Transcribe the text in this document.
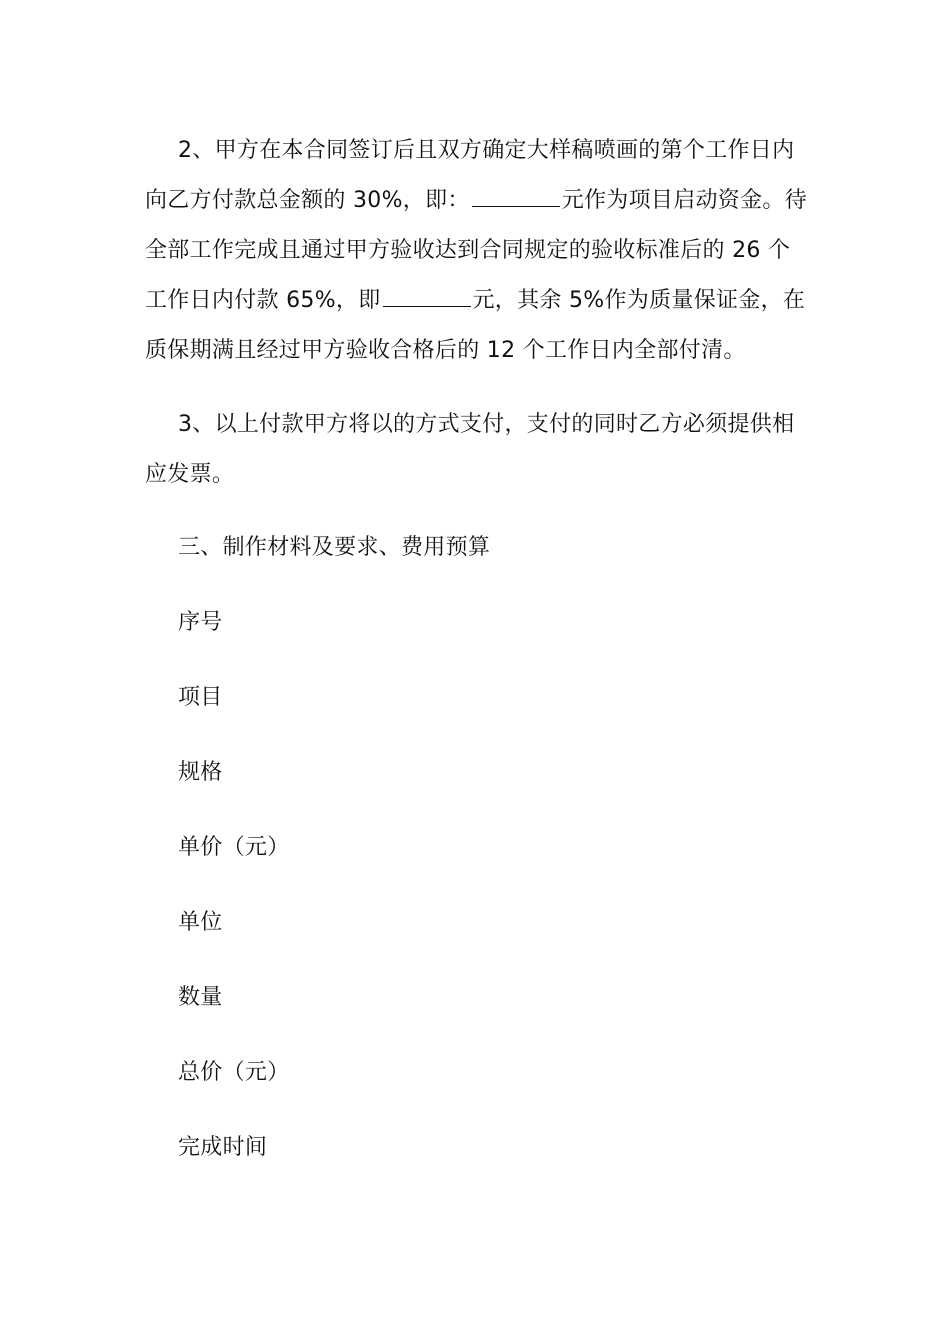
2、甲方在本合同签订后且双方确定大样稿喷画的第个工作日内向乙方付款总金额的 30%，即：	元作为项目启动资金。待全部工作完成且通过甲方验收达到合同规定的验收标准后的 26 个工作日内付款 65%，即	元，其余 5%作为质量保证金，在质保期满且经过甲方验收合格后的 12 个工作日内全部付清。

3、以上付款甲方将以的方式支付，支付的同时乙方必须提供相应发票。

三、制作材料及要求、费用预算

序号

项目

规格

单价（元）

单位

数量

总价（元）

完成时间
